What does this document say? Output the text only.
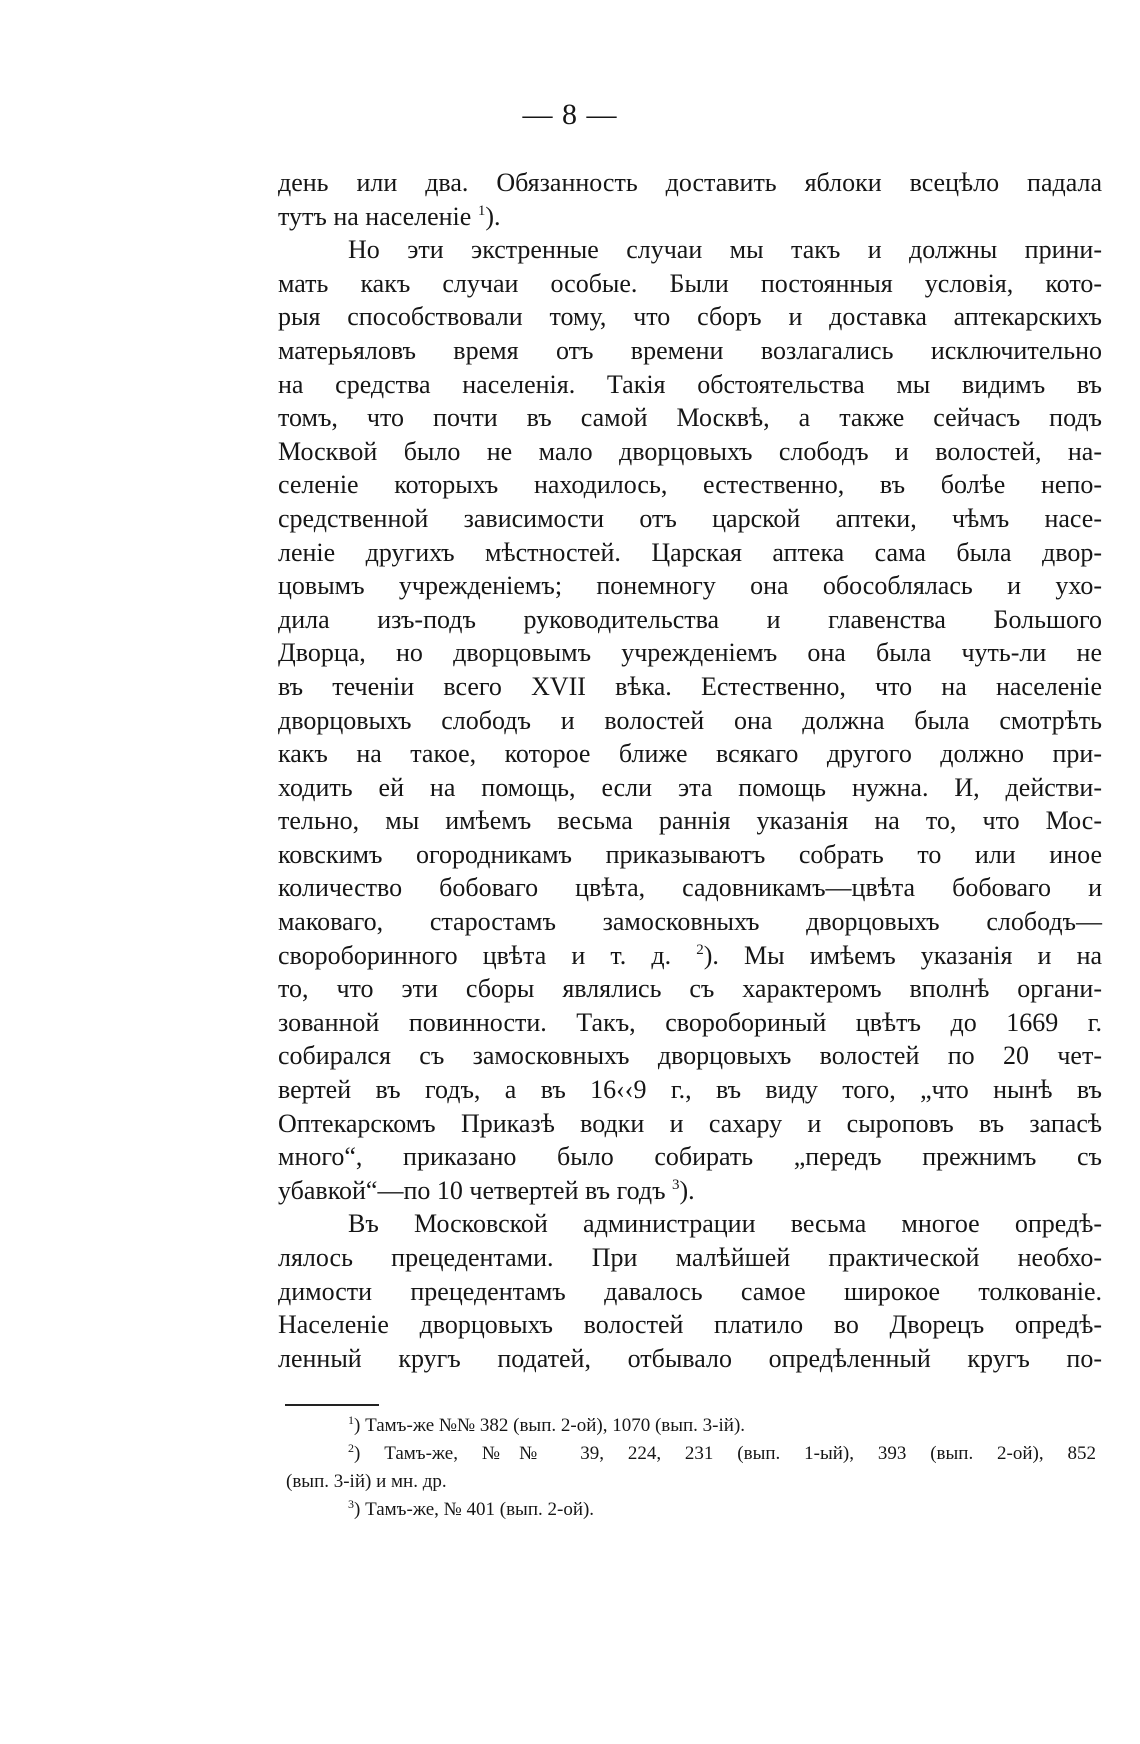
— 8 —
день или два. Обязанность доставить яблоки всецѣло падала
тутъ на населеніе $^1$).
Но эти экстренные случаи мы такъ и должны прини-
мать какъ случаи особые. Были постоянныя условія, кото-
рыя способствовали тому, что сборъ и доставка аптекарскихъ
матерьяловъ время отъ времени возлагались исключительно
на средства населенія. Такія обстоятельства мы видимъ въ
томъ, что почти въ самой Москвѣ, а также сейчасъ подъ
Москвой было не мало дворцовыхъ слободъ и волостей, на-
селеніе которыхъ находилось, естественно, въ болѣе непо-
средственной зависимости отъ царской аптеки, чѣмъ насе-
леніе другихъ мѣстностей. Царская аптека сама была двор-
цовымъ учрежденіемъ; понемногу она обособлялась и ухо-
дила изъ-подъ руководительства и главенства Большого
Дворца, но дворцовымъ учрежденіемъ она была чуть-ли не
въ теченіи всего XVII вѣка. Естественно, что на населеніе
дворцовыхъ слободъ и волостей она должна была смотрѣть
какъ на такое, которое ближе всякаго другого должно при-
ходить ей на помощь, если эта помощь нужна. И, действи-
тельно, мы имѣемъ весьма раннія указанія на то, что Мос-
ковскимъ огородникамъ приказываютъ собрать то или иное
количество бобоваго цвѣта, садовникамъ—цвѣта бобоваго и
маковаго, старостамъ замосковныхъ дворцовыхъ слободъ—
свороборинного цвѣта и т. д. $^2$). Мы имѣемъ указанія и на
то, что эти сборы являлись съ характеромъ вполнѣ органи-
зованной повинности. Такъ, своробориный цвѣтъ до 1669 г.
собирался съ замосковныхъ дворцовыхъ волостей по 20 чет-
вертей въ годъ, а въ 16‹‹9 г., въ виду того, „что нынѣ въ
Оптекарскомъ Приказѣ водки и сахару и сыроповъ въ запасѣ
много“, приказано было собирать „передъ прежнимъ съ
убавкой“—по 10 четвертей въ годъ $^3$).
Въ Московской администрации весьма многое опредѣ-
лялось прецедентами. При малѣйшей практической необхо-
димости прецедентамъ давалось самое широкое толкованіе.
Населеніе дворцовыхъ волостей платило во Дворецъ опредѣ-
ленный кругъ податей, отбывало опредѣленный кругъ по-
$^1$) Тамъ-же №№ 382 (вып. 2-ой), 1070 (вып. 3-ій).
$^2$) Тамъ-же, №№ 39, 224, 231 (вып. 1-ый), 393 (вып. 2-ой), 852
(вып. 3-ій) и мн. др.
$^3$) Тамъ-же, № 401 (вып. 2-ой).
